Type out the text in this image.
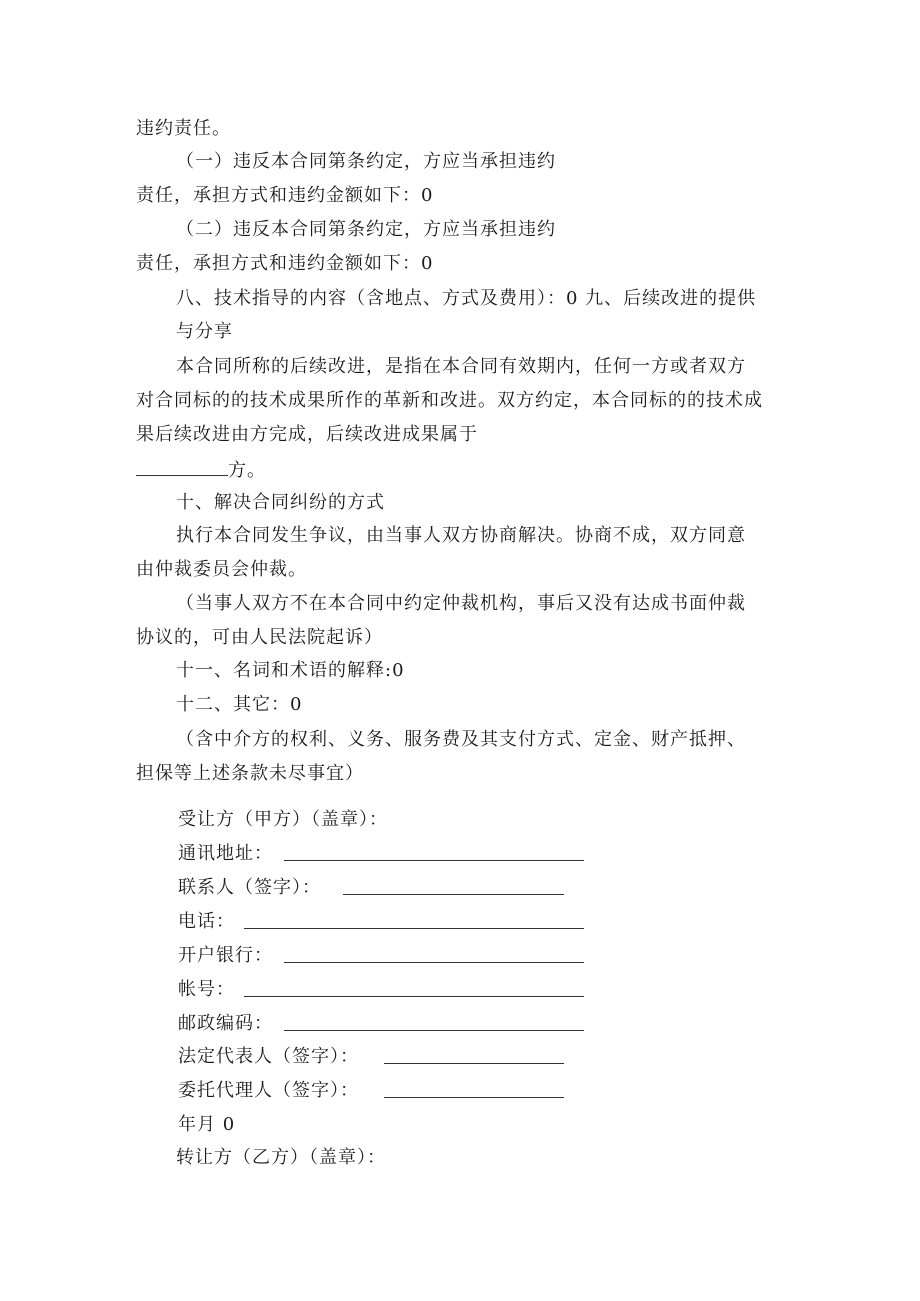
违约责任。
（一）违反本合同第条约定，方应当承担违约
责任，承担方式和违约金额如下：0
（二）违反本合同第条约定，方应当承担违约
责任，承担方式和违约金额如下：0
八、技术指导的内容（含地点、方式及费用）：0 九、后续改进的提供
与分享
本合同所称的后续改进，是指在本合同有效期内，任何一方或者双方
对合同标的的技术成果所作的革新和改进。双方约定，本合同标的的技术成
果后续改进由方完成，后续改进成果属于
方。
十、解决合同纠纷的方式
执行本合同发生争议，由当事人双方协商解决。协商不成，双方同意
由仲裁委员会仲裁。
（当事人双方不在本合同中约定仲裁机构，事后又没有达成书面仲裁
协议的，可由人民法院起诉）
十一、名词和术语的解释:0
十二、其它：0
（含中介方的权利、义务、服务费及其支付方式、定金、财产抵押、
担保等上述条款未尽事宜）
受让方（甲方）（盖章）：
通讯地址：
联系人（签字）：
电话：
开户银行：
帐号：
邮政编码：
法定代表人（签字）：
委托代理人（签字）：
年月 0
转让方（乙方）（盖章）：
